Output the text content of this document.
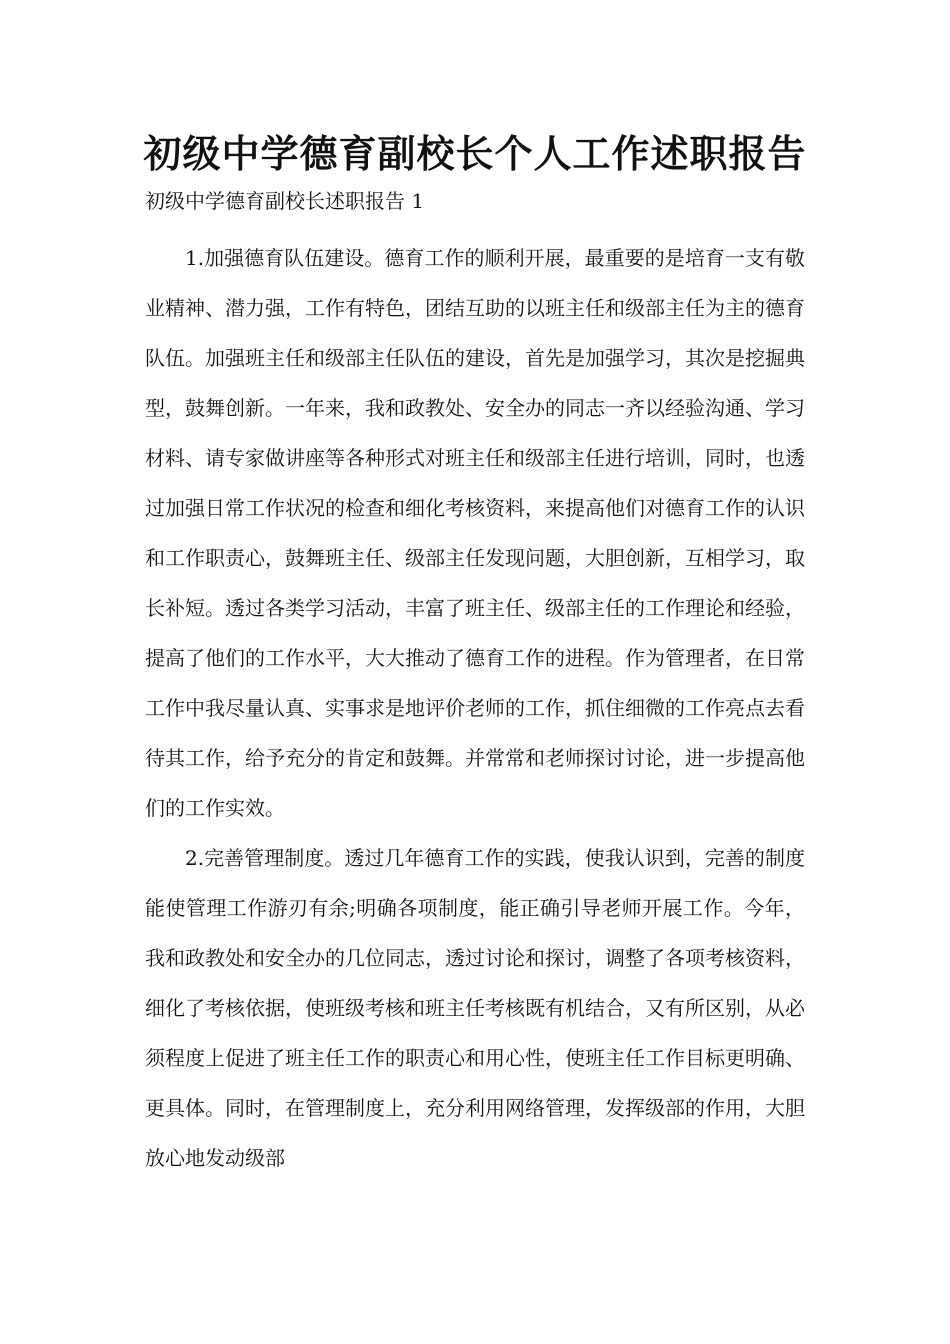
初级中学德育副校长个人工作述职报告

初级中学德育副校长述职报告 1

1.加强德育队伍建设。德育工作的顺利开展，最重要的是培育一支有敬业精神、潜力强，工作有特色，团结互助的以班主任和级部主任为主的德育队伍。加强班主任和级部主任队伍的建设，首先是加强学习，其次是挖掘典型，鼓舞创新。一年来，我和政教处、安全办的同志一齐以经验沟通、学习材料、请专家做讲座等各种形式对班主任和级部主任进行培训，同时，也透过加强日常工作状况的检查和细化考核资料，来提高他们对德育工作的认识和工作职责心，鼓舞班主任、级部主任发现问题，大胆创新，互相学习，取长补短。透过各类学习活动，丰富了班主任、级部主任的工作理论和经验，提高了他们的工作水平，大大推动了德育工作的进程。作为管理者，在日常工作中我尽量认真、实事求是地评价老师的工作，抓住细微的工作亮点去看待其工作，给予充分的肯定和鼓舞。并常常和老师探讨讨论，进一步提高他们的工作实效。

2.完善管理制度。透过几年德育工作的实践，使我认识到，完善的制度能使管理工作游刃有余;明确各项制度，能正确引导老师开展工作。今年，我和政教处和安全办的几位同志，透过讨论和探讨，调整了各项考核资料，细化了考核依据，使班级考核和班主任考核既有机结合，又有所区别，从必须程度上促进了班主任工作的职责心和用心性，使班主任工作目标更明确、更具体。同时，在管理制度上，充分利用网络管理，发挥级部的作用，大胆放心地发动级部
